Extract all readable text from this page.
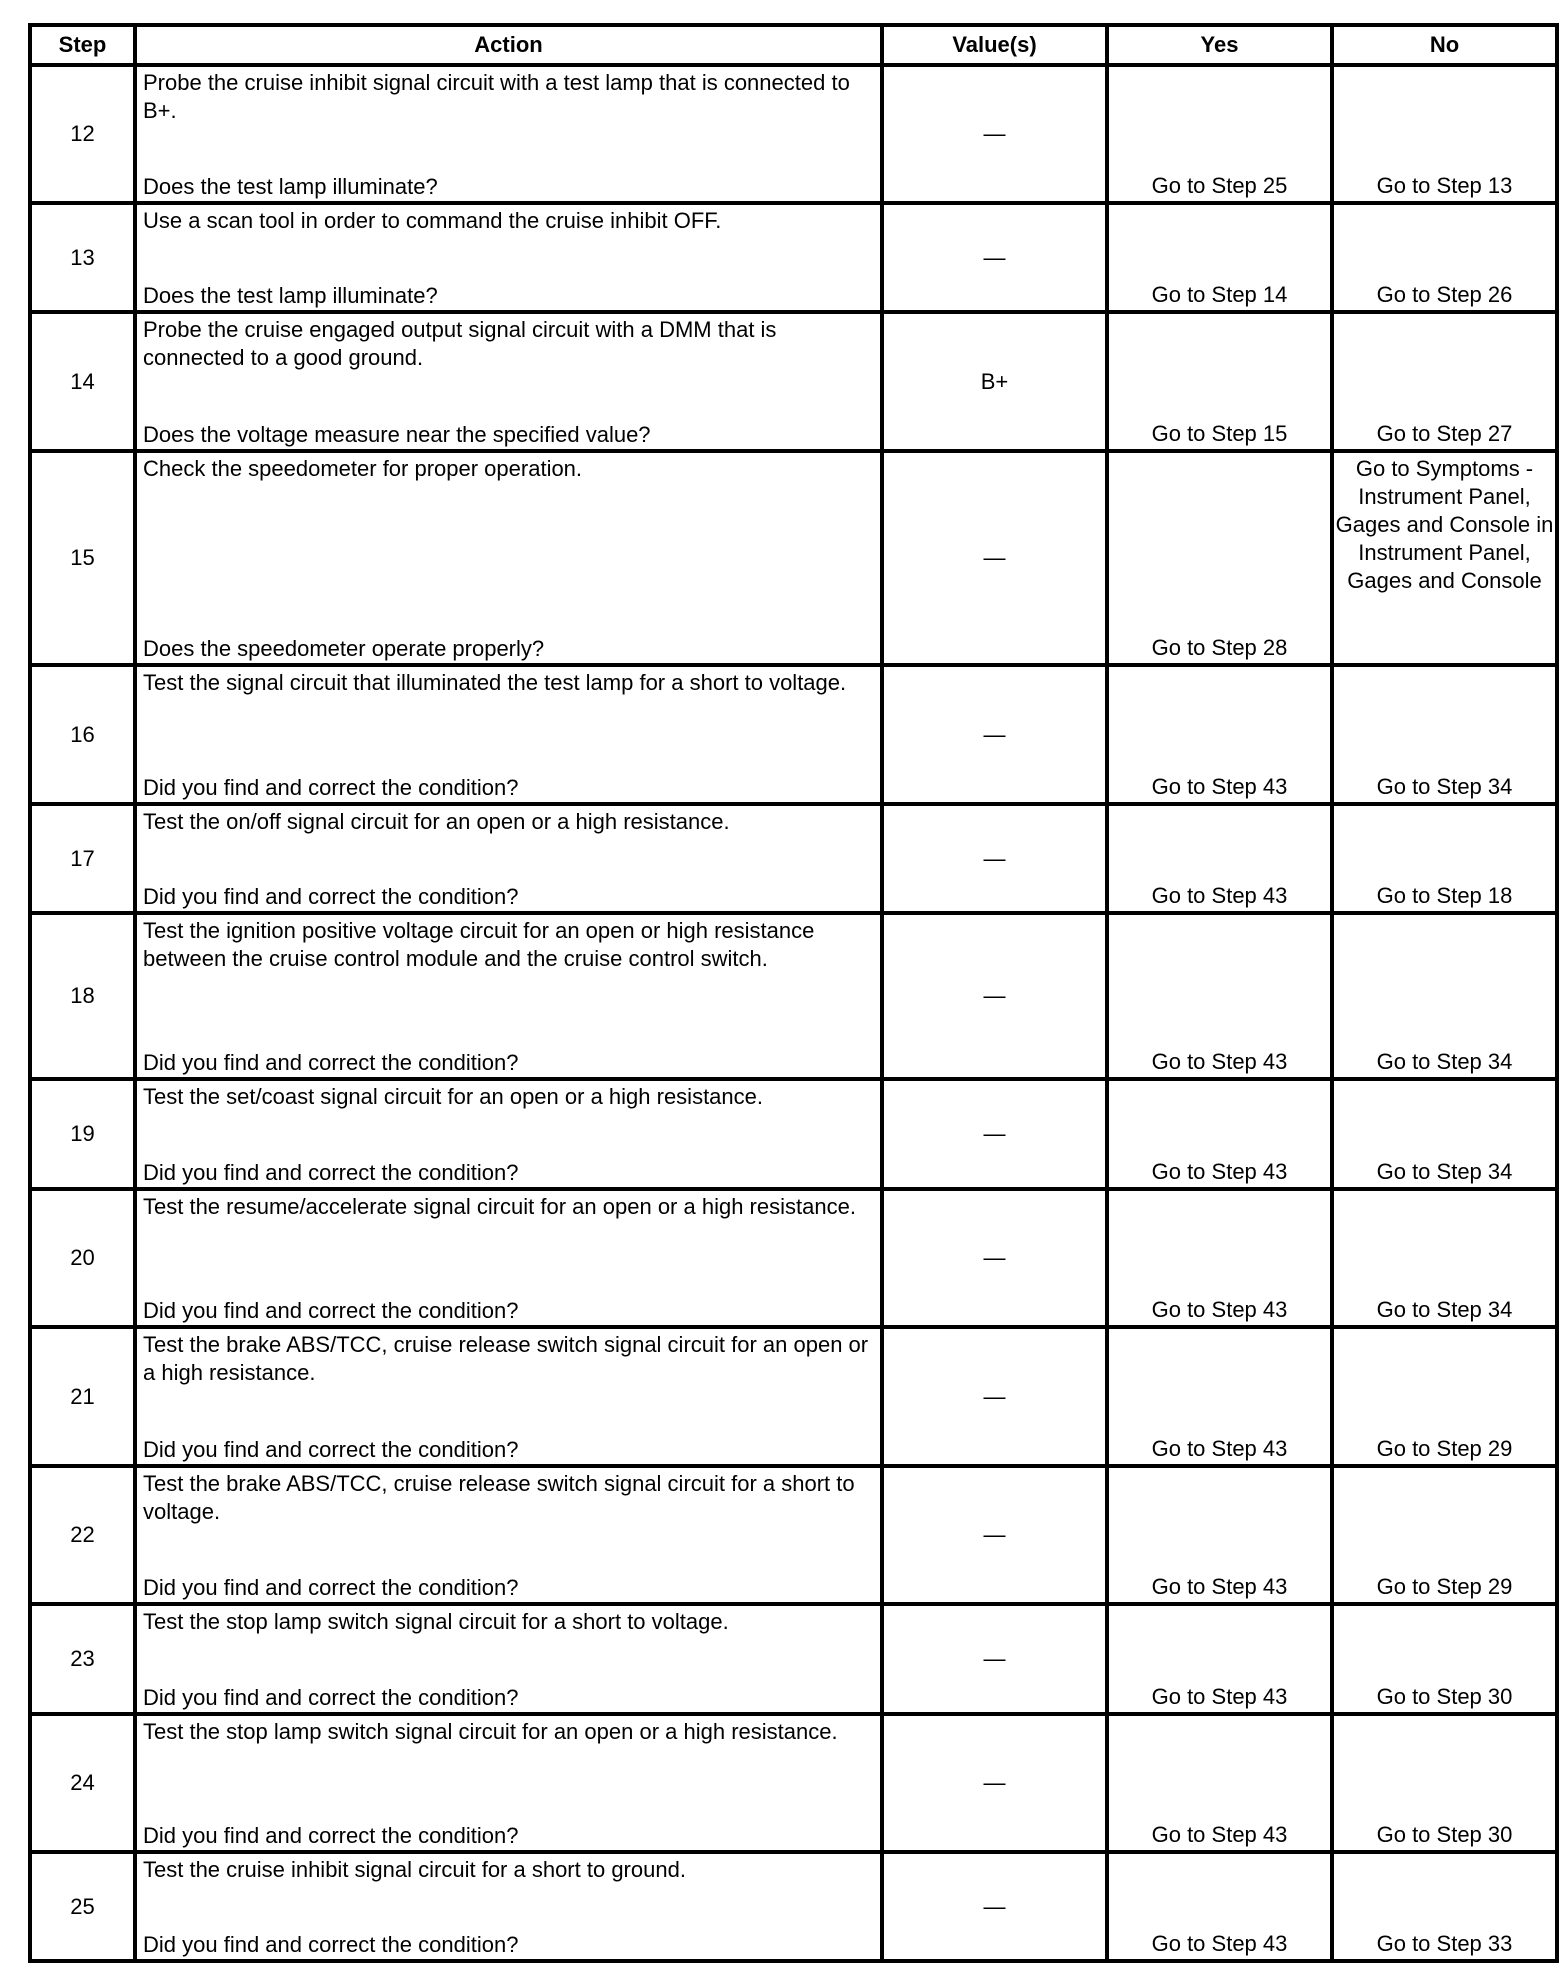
Step	Action	Value(s)	Yes	No
12	Probe the cruise inhibit signal circuit with a test lamp that is connected to B+.
Does the test lamp illuminate?	—	Go to Step 25	Go to Step 13
13	Use a scan tool in order to command the cruise inhibit OFF.
Does the test lamp illuminate?	—	Go to Step 14	Go to Step 26
14	Probe the cruise engaged output signal circuit with a DMM that is connected to a good ground.
Does the voltage measure near the specified value?	B+	Go to Step 15	Go to Step 27
15	Check the speedometer for proper operation.
Does the speedometer operate properly?	—	Go to Step 28	Go to Symptoms - Instrument Panel, Gages and Console in Instrument Panel, Gages and Console
16	Test the signal circuit that illuminated the test lamp for a short to voltage.
Did you find and correct the condition?	—	Go to Step 43	Go to Step 34
17	Test the on/off signal circuit for an open or a high resistance.
Did you find and correct the condition?	—	Go to Step 43	Go to Step 18
18	Test the ignition positive voltage circuit for an open or high resistance between the cruise control module and the cruise control switch.
Did you find and correct the condition?	—	Go to Step 43	Go to Step 34
19	Test the set/coast signal circuit for an open or a high resistance.
Did you find and correct the condition?	—	Go to Step 43	Go to Step 34
20	Test the resume/accelerate signal circuit for an open or a high resistance.
Did you find and correct the condition?	—	Go to Step 43	Go to Step 34
21	Test the brake ABS/TCC, cruise release switch signal circuit for an open or a high resistance.
Did you find and correct the condition?	—	Go to Step 43	Go to Step 29
22	Test the brake ABS/TCC, cruise release switch signal circuit for a short to voltage.
Did you find and correct the condition?	—	Go to Step 43	Go to Step 29
23	Test the stop lamp switch signal circuit for a short to voltage.
Did you find and correct the condition?	—	Go to Step 43	Go to Step 30
24	Test the stop lamp switch signal circuit for an open or a high resistance.
Did you find and correct the condition?	—	Go to Step 43	Go to Step 30
25	Test the cruise inhibit signal circuit for a short to ground.
Did you find and correct the condition?	—	Go to Step 43	Go to Step 33
